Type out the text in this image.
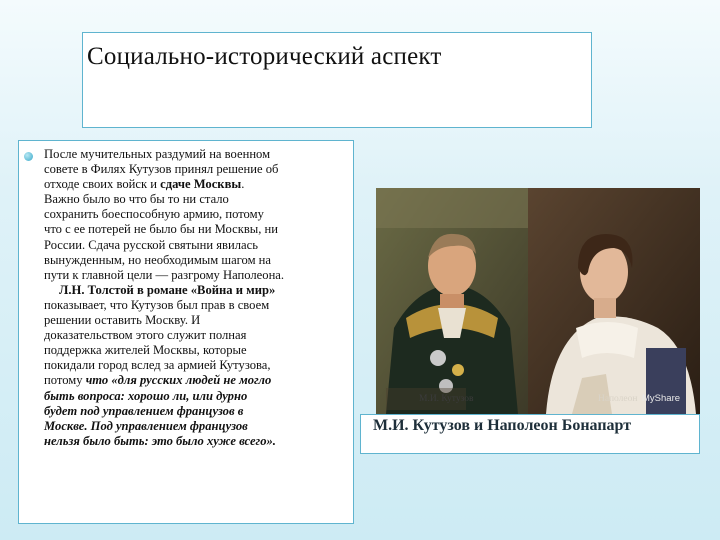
Социально-исторический аспект
После мучительных раздумий на военном
совете в Филях Кутузов принял решение об
отходе своих войск и сдаче Москвы.
Важно было во что бы то ни стало
сохранить боеспособную армию, потому
что с ее потерей не было бы ни Москвы, ни
России. Сдача русской святыни явилась
вынужденным, но необходимым шагом на
пути к главной цели — разгрому Наполеона.
Л.Н. Толстой в романе «Война и мир»
показывает, что Кутузов был прав в своем
решении оставить Москву. И
доказательством этого служит полная
поддержка жителей Москвы, которые
покидали город вслед за армией Кутузова,
потому что «для русских людей не могло
быть вопроса: хорошо ли, или дурно
будет под управлением французов в
Москве. Под управлением французов
нельзя было быть: это было хуже всего».
М.И. Кутузов	Наполеон MyShare
М.И. Кутузов и Наполеон Бонапарт
